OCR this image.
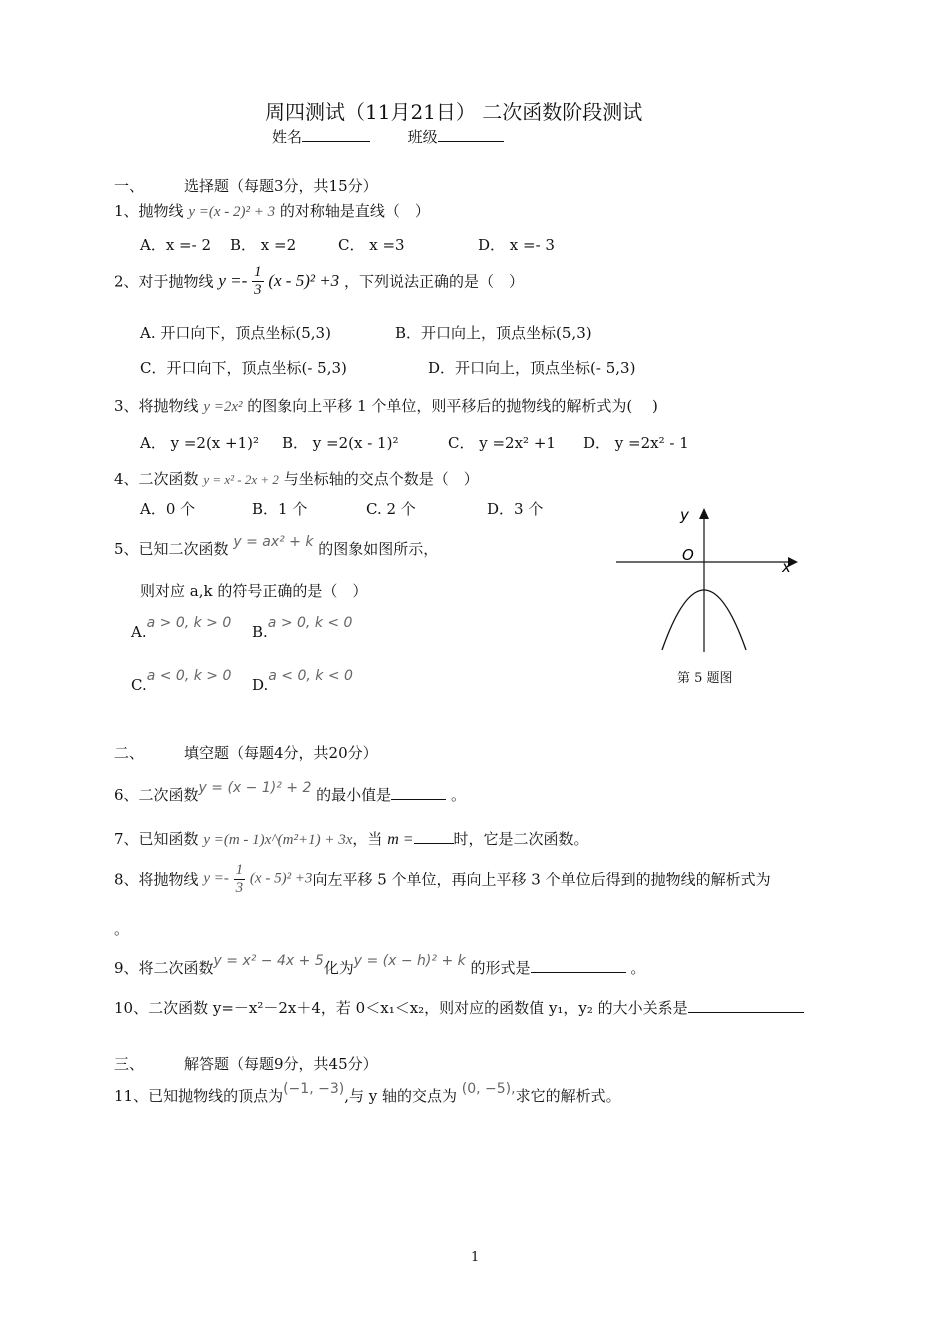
周四测试（11月21日） 二次函数阶段测试
姓名	班级
一、	选择题（每题3分，共15分）
1、抛物线 y =(x - 2)² + 3 的对称轴是直线（　）
A．x =- 2 B． x =2	C． x =3	D． x =- 3
2、对于抛物线 $y =- \frac{1}{3} (x - 5)^2 +3$ ，下列说法正确的是（　）
A. 开口向下，顶点坐标(5,3)	B．开口向上，顶点坐标(5,3)
C．开口向下，顶点坐标(- 5,3)	D．开口向上，顶点坐标(- 5,3)
3、将抛物线 y =2x² 的图象向上平移 1 个单位，则平移后的抛物线的解析式为(　 )
A． y =2(x +1)² B． y =2(x - 1)²	C． y =2x² +1 D． y =2x² - 1
4、二次函数 y = x² - 2x + 2 与坐标轴的交点个数是（　）
A．0 个	B．1 个	C. 2 个	D．3 个
5、已知二次函数 y = ax² + k 的图象如图所示，
则对应 a,k 的符号正确的是（　）
A.a > 0, k > 0 B.a > 0, k < 0
C.a < 0, k > 0 D.a < 0, k < 0
y
x
O
第 5 题图
二、	填空题（每题4分，共20分）
6、二次函数y = (x − 1)² + 2 的最小值是	。
7、已知函数 y =(m - 1)x^(m²+1) + 3x，当 m =	时，它是二次函数。
8、将抛物线 $y =- \frac{1}{3} (x - 5)^2 +3$向左平移 5 个单位，再向上平移 3 个单位后得到的抛物线的解析式为
。
9、将二次函数y = x² − 4x + 5化为y = (x − h)² + k 的形式是	。
10、二次函数 y=－x²－2x＋4，若 0＜x₁＜x₂，则对应的函数值 y₁，y₂ 的大小关系是
三、	解答题（每题9分，共45分）
11、已知抛物线的顶点为(−1, −3),与 y 轴的交点为 (0, −5),求它的解析式。
1
